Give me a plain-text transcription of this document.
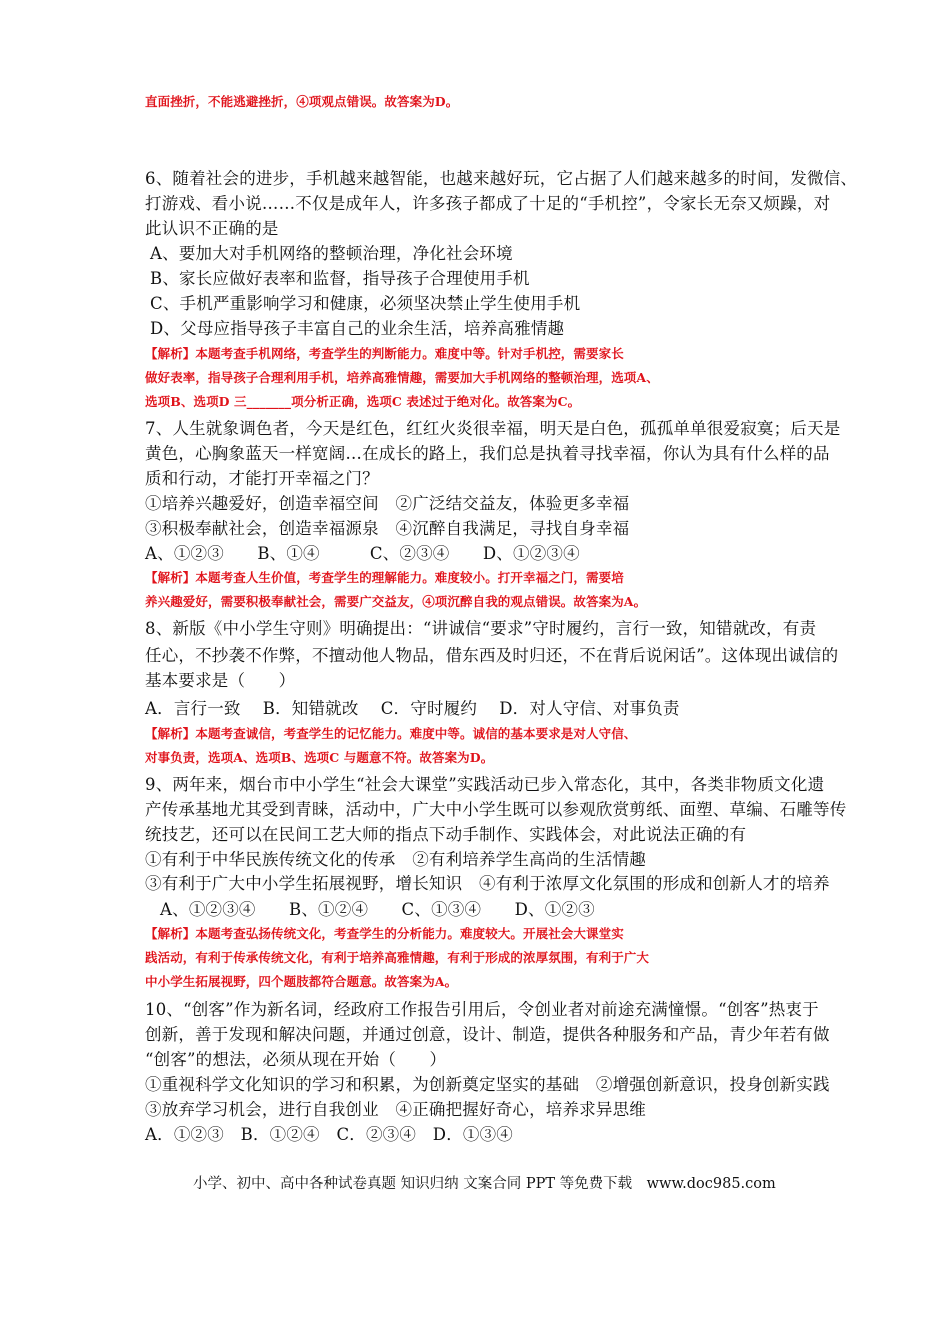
直面挫折，不能逃避挫折，④项观点错误。故答案为D。
6、随着社会的进步，手机越来越智能，也越来越好玩，它占据了人们越来越多的时间，发微信、
打游戏、看小说……不仅是成年人，许多孩子都成了十足的“手机控”，令家长无奈又烦躁，对
此认识不正确的是
A、要加大对手机网络的整顿治理，净化社会环境
B、家长应做好表率和监督，指导孩子合理使用手机
C、手机严重影响学习和健康，必须坚决禁止学生使用手机
D、父母应指导孩子丰富自己的业余生活，培养高雅情趣
【解析】本题考查手机网络，考查学生的判断能力。难度中等。针对手机控，需要家长
做好表率，指导孩子合理利用手机，培养高雅情趣，需要加大手机网络的整顿治理，选项A、
选项B、选项D 三_______项分析正确，选项C 表述过于绝对化。故答案为C。
7、人生就象调色者，今天是红色，红红火炎很幸福，明天是白色，孤孤单单很爱寂寞；后天是
黄色，心胸象蓝天一样宽阔…在成长的路上，我们总是执着寻找幸福，你认为具有什么样的品
质和行动，才能打开幸福之门？
①培养兴趣爱好，创造幸福空间　②广泛结交益友，体验更多幸福
③积极奉献社会，创造幸福源泉　④沉醉自我满足，寻找自身幸福
A、①②③　　B、①④　　　C、②③④　　D、①②③④
【解析】本题考查人生价值，考查学生的理解能力。难度较小。打开幸福之门，需要培
养兴趣爱好，需要积极奉献社会，需要广交益友，④项沉醉自我的观点错误。故答案为A。
8、新版《中小学生守则》明确提出：“讲诚信“要求”守时履约，言行一致，知错就改，有责
任心，不抄袭不作弊，不擅动他人物品，借东西及时归还，不在背后说闲话”。这体现出诚信的
基本要求是（　　）
A．言行一致　 B．知错就改　 C．守时履约　 D．对人守信、对事负责
【解析】本题考查诚信，考查学生的记忆能力。难度中等。诚信的基本要求是对人守信、
对事负责，选项A、选项B、选项C 与题意不符。故答案为D。
9、两年来，烟台市中小学生“社会大课堂”实践活动已步入常态化，其中，各类非物质文化遗
产传承基地尤其受到青睐，活动中，广大中小学生既可以参观欣赏剪纸、面塑、草编、石雕等传
统技艺，还可以在民间工艺大师的指点下动手制作、实践体会，对此说法正确的有
①有利于中华民族传统文化的传承　②有利培养学生高尚的生活情趣
③有利于广大中小学生拓展视野，增长知识　④有利于浓厚文化氛围的形成和创新人才的培养
A、①②③④　　B、①②④　　C、①③④　　D、①②③
【解析】本题考查弘扬传统文化，考查学生的分析能力。难度较大。开展社会大课堂实
践活动，有利于传承传统文化，有利于培养高雅情趣，有利于形成的浓厚氛围，有利于广大
中小学生拓展视野，四个题肢都符合题意。故答案为A。
10、“创客”作为新名词，经政府工作报告引用后，令创业者对前途充满憧憬。“创客”热衷于
创新，善于发现和解决问题，并通过创意，设计、制造，提供各种服务和产品，青少年若有做
“创客”的想法，必须从现在开始（　　）
①重视科学文化知识的学习和积累，为创新奠定坚实的基础　②增强创新意识，投身创新实践
③放弃学习机会，进行自我创业　④正确把握好奇心，培养求异思维
A．①②③　B．①②④　C．②③④　D．①③④
小学、初中、高中各种试卷真题 知识归纳 文案合同 PPT 等免费下载　www.doc985.com
